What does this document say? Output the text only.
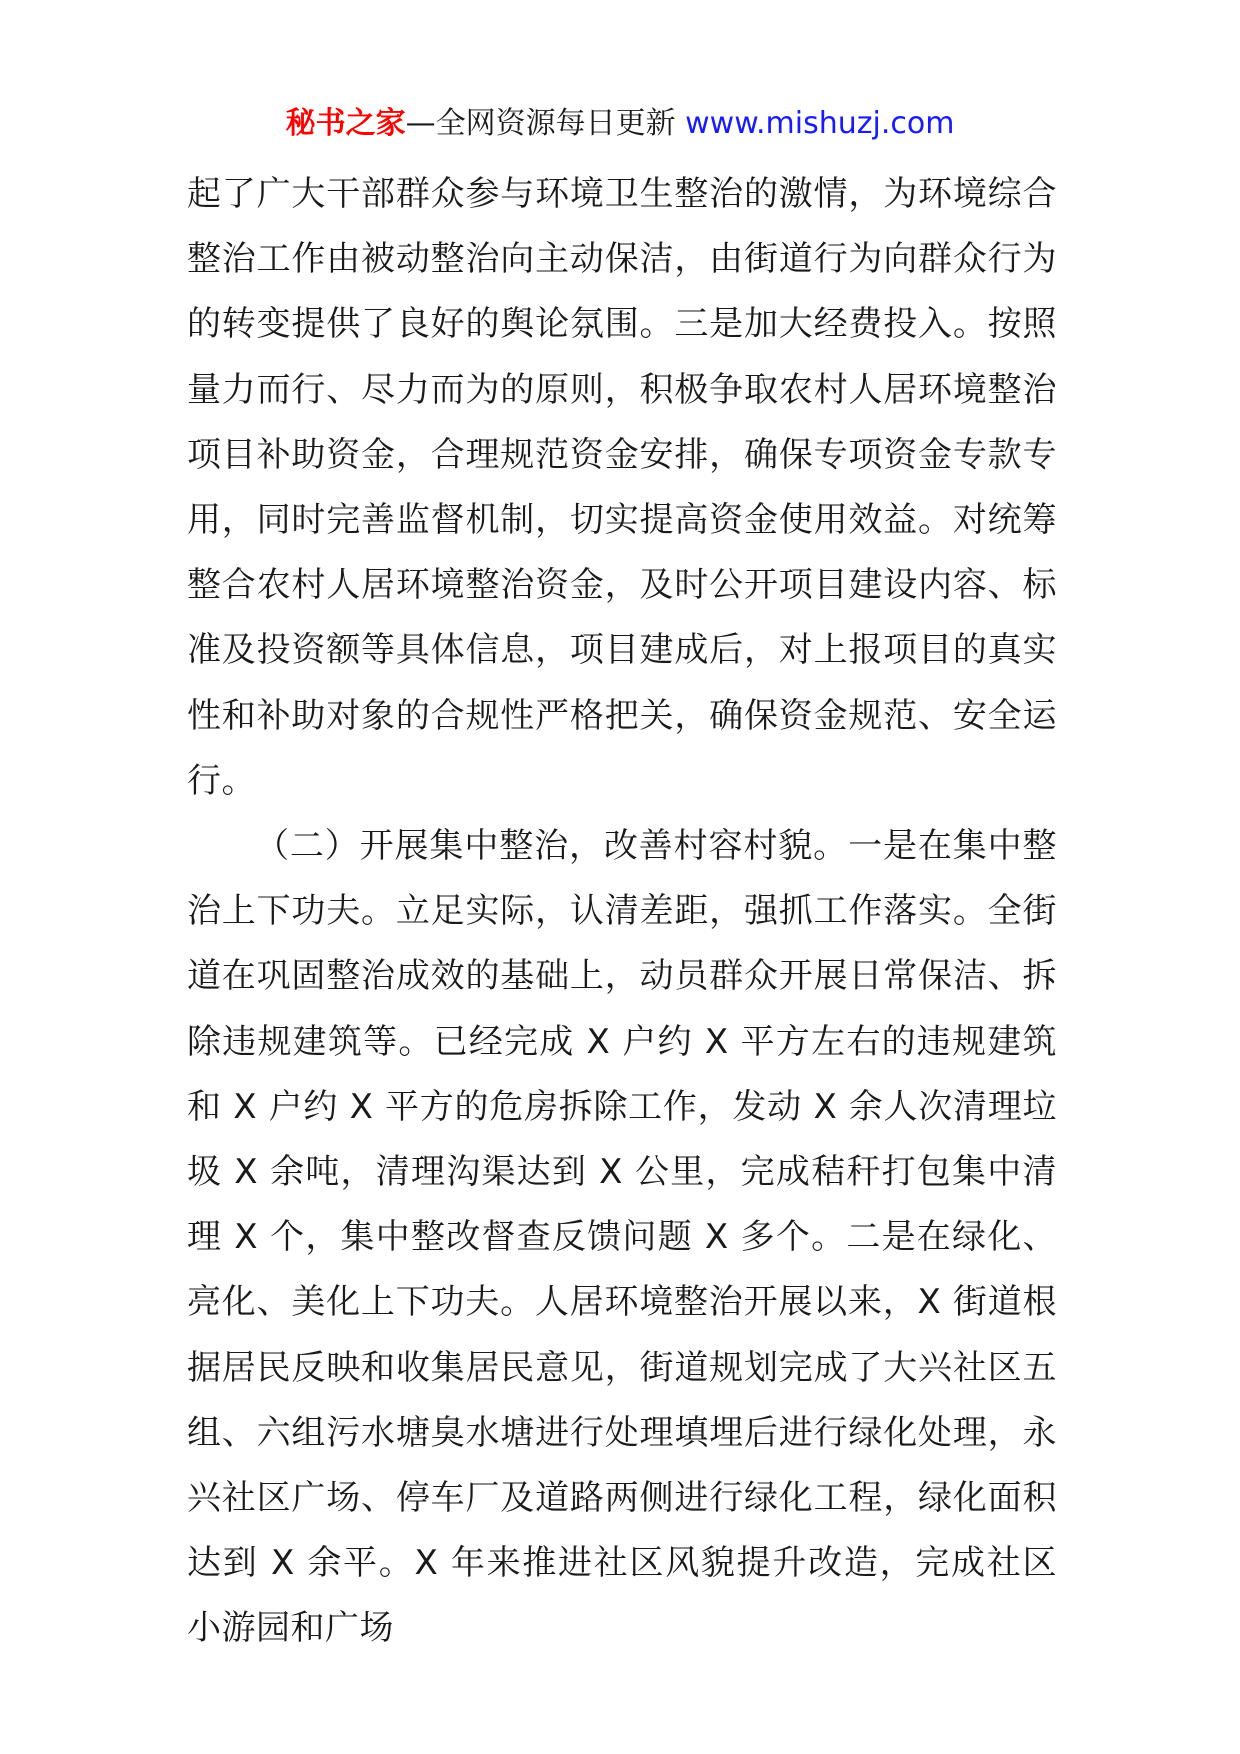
秘书之家—全网资源每日更新 www.mishuzj.com

起了广大干部群众参与环境卫生整治的激情，为环境综合整治工作由被动整治向主动保洁，由街道行为向群众行为的转变提供了良好的舆论氛围。三是加大经费投入。按照量力而行、尽力而为的原则，积极争取农村人居环境整治项目补助资金，合理规范资金安排，确保专项资金专款专用，同时完善监督机制，切实提高资金使用效益。对统筹整合农村人居环境整治资金，及时公开项目建设内容、标准及投资额等具体信息，项目建成后，对上报项目的真实性和补助对象的合规性严格把关，确保资金规范、安全运行。

（二）开展集中整治，改善村容村貌。一是在集中整治上下功夫。立足实际，认清差距，强抓工作落实。全街道在巩固整治成效的基础上，动员群众开展日常保洁、拆除违规建筑等。已经完成 X 户约 X 平方左右的违规建筑和 X 户约 X 平方的危房拆除工作，发动 X 余人次清理垃圾 X 余吨，清理沟渠达到 X 公里，完成秸秆打包集中清理 X 个，集中整改督查反馈问题 X 多个。二是在绿化、亮化、美化上下功夫。人居环境整治开展以来，X 街道根据居民反映和收集居民意见，街道规划完成了大兴社区五组、六组污水塘臭水塘进行处理填埋后进行绿化处理，永兴社区广场、停车厂及道路两侧进行绿化工程，绿化面积达到 X 余平。X 年来推进社区风貌提升改造，完成社区小游园和广场
